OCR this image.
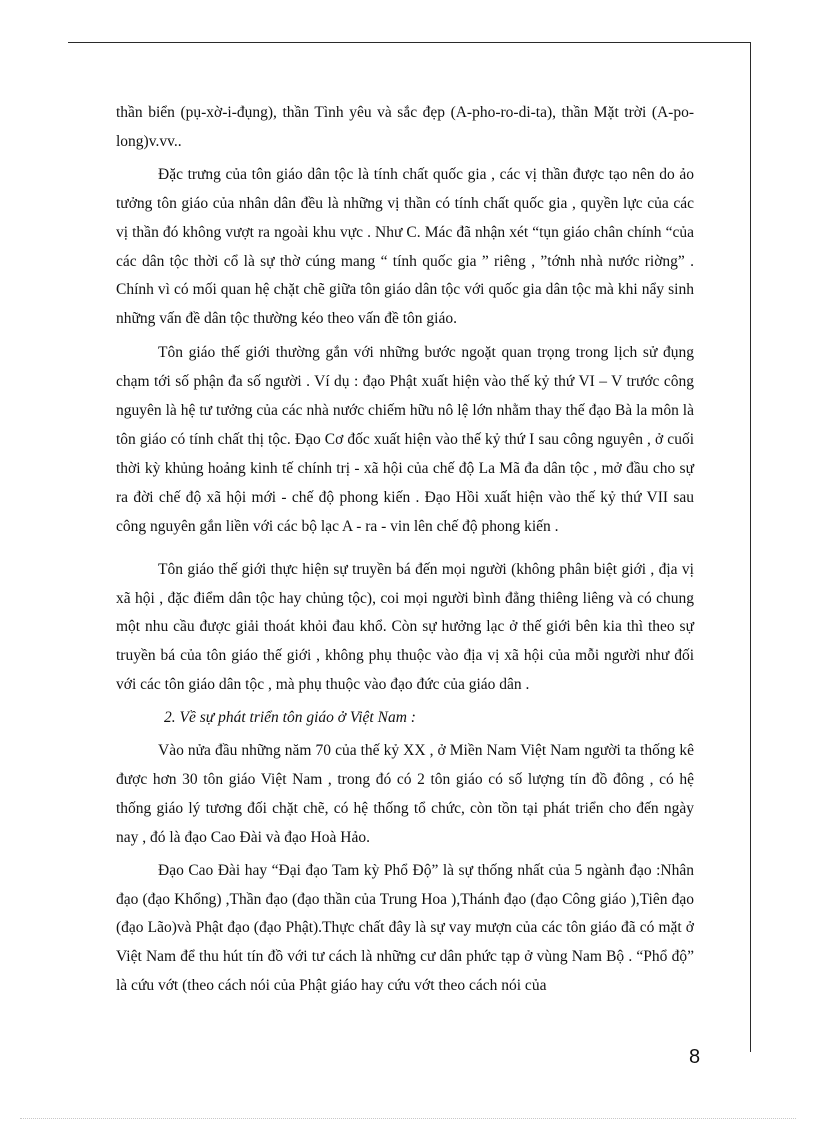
thần biển (pụ-xờ-i-đụng), thần Tình yêu và sắc đẹp (A-pho-ro-di-ta), thần Mặt trời (A-po-long)v.vv..

Đặc trưng của tôn giáo dân tộc là tính chất quốc gia , các vị thần được tạo nên do ảo tưởng tôn giáo của nhân dân đều là những vị thần có tính chất quốc gia , quyền lực của các vị thần đó không vượt ra ngoài khu vực . Như C. Mác đã nhận xét “tụn giáo chân chính “của các dân tộc thời cổ là sự thờ cúng mang “ tính quốc gia ” riêng , ”tớnh nhà nước riờng” . Chính vì có mối quan hệ chặt chẽ giữa tôn giáo dân tộc với quốc gia dân tộc mà khi nẩy sinh những vấn đề dân tộc thường kéo theo vấn đề tôn giáo.

Tôn giáo thế giới thường gắn với những bước ngoặt quan trọng trong lịch sử đụng chạm tới số phận đa số người . Ví dụ : đạo Phật xuất hiện vào thế kỷ thứ VI – V trước công nguyên là hệ tư tưởng của các nhà nước chiếm hữu nô lệ lớn nhằm thay thế đạo Bà la môn là tôn giáo có tính chất thị tộc. Đạo Cơ đốc xuất hiện vào thế kỷ thứ I sau công nguyên , ở cuối thời kỳ khủng hoảng kinh tế chính trị - xã hội của chế độ La Mã đa dân tộc , mở đầu cho sự ra đời chế độ xã hội mới - chế độ phong kiến . Đạo Hồi xuất hiện vào thế kỷ thứ VII sau công nguyên gắn liền với các bộ lạc A - ra - vin lên chế độ phong kiến .

Tôn giáo thế giới thực hiện sự truyền bá đến mọi người (không phân biệt giới , địa vị xã hội , đặc điểm dân tộc hay chủng tộc), coi mọi người bình đẳng thiêng liêng và có chung một nhu cầu được giải thoát khỏi đau khổ. Còn sự hưởng lạc ở thế giới bên kia thì theo sự truyền bá của tôn giáo thế giới , không phụ thuộc vào địa vị xã hội của mỗi người như đối với các tôn giáo dân tộc , mà phụ thuộc vào đạo đức của giáo dân .

2. Về sự phát triển tôn giáo ở Việt Nam :

Vào nửa đầu những năm 70 của thế kỷ XX , ở Miền Nam Việt Nam người ta thống kê được hơn 30 tôn giáo Việt Nam , trong đó có 2 tôn giáo có số lượng tín đồ đông , có hệ thống giáo lý tương đối chặt chẽ, có hệ thống tổ chức, còn tồn tại phát triển cho đến ngày nay , đó là đạo Cao Đài và đạo Hoà Hảo.

Đạo Cao Đài hay “Đại đạo Tam kỳ Phổ Độ” là sự thống nhất của 5 ngành đạo :Nhân đạo (đạo Khổng) ,Thần đạo (đạo thần của Trung Hoa ),Thánh đạo (đạo Công giáo ),Tiên đạo (đạo Lão)và Phật đạo (đạo Phật).Thực chất đây là sự vay mượn của các tôn giáo đã có mặt ở Việt Nam để thu hút tín đồ với tư cách là những cư dân phức tạp ở vùng Nam Bộ . “Phổ độ” là cứu vớt (theo cách nói của Phật giáo hay cứu vớt theo cách nói của

8
